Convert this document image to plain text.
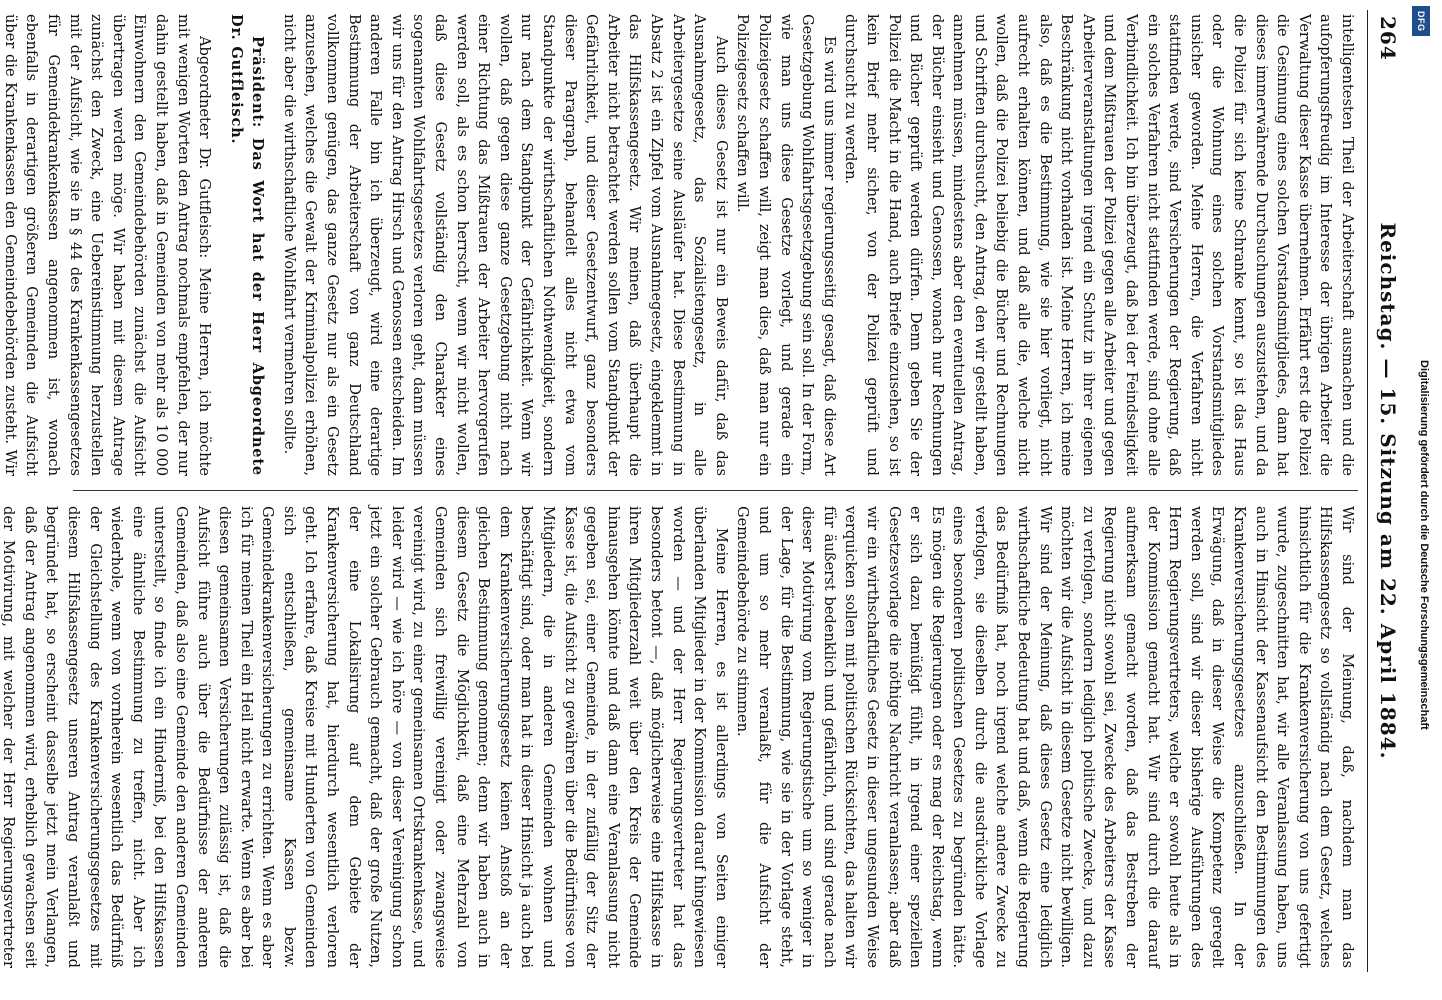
264
Reichstag. — 15. Sitzung am 22. April 1884.

intelligentesten Theil der Arbeiterschaft ausmachen und die aufopferungsfreudig im Interesse der übrigen Arbeiter die Verwaltung dieser Kasse übernehmen. Erfährt erst die Polizei die Gesinnung eines solchen Vorstandsmitgliedes, dann hat dieses immerwährende Durchsuchungen auszustehen, und da die Polizei für sich keine Schranke kennt, so ist das Haus oder die Wohnung eines solchen Vorstandsmitgliedes unsicher geworden. Meine Herren, die Verfahren nicht stattfinden werde, sind Versicherungen der Regierung, daß ein solches Verfahren nicht stattfinden werde, sind ohne alle Verbindlichkeit. Ich bin überzeugt, daß bei der Feindseligkeit und dem Mißtrauen der Polizei gegen alle Arbeiter und gegen Arbeiterveranstaltungen irgend ein Schutz in ihrer eigenen Beschränkung nicht vorhanden ist. Meine Herren, ich meine also, daß es die Bestimmung, wie sie hier vorliegt, nicht aufrecht erhalten können, und daß alle die, welche nicht wollen, daß die Polizei beliebig die Bücher und Rechnungen und Schriften durchsucht, den Antrag, den wir gestellt haben, annehmen müssen, mindestens aber den eventuellen Antrag, der Bücher einsieht und Genossen, wonach nur Rechnungen und Bücher geprüft werden dürfen. Denn geben Sie der Polizei die Macht in die Hand, auch Briefe einzusehen, so ist kein Brief mehr sicher, von der Polizei geprüft und durchsucht zu werden.

Es wird uns immer regierungsseitig gesagt, daß diese Art Gesetzgebung Wohlfahrtsgesetzgebung sein soll. In der Form, wie man uns diese Gesetze vorlegt, und gerade ein Polizeigesetz schaffen will, zeigt man dies, daß man nur ein Polizeigesetz schaffen will.

Auch dieses Gesetz ist nur ein Beweis dafür, daß das Ausnahmegesetz, das Sozialistengesetz, in alle Arbeitergesetze seine Ausläufer hat. Diese Bestimmung in Absatz 2 ist ein Zipfel vom Ausnahmegesetz, eingeklemmt in das Hilfskassengesetz. Wir meinen, daß überhaupt die Arbeiter nicht betrachtet werden sollen vom Standpunkt der Gefährlichkeit, und dieser Gesetzentwurf, ganz besonders dieser Paragraph, behandelt alles nicht etwa vom Standpunkte der wirthschaftlichen Nothwendigkeit, sondern nur nach dem Standpunkt der Gefährlichkeit. Wenn wir wollen, daß gegen diese ganze Gesetzgebung nicht nach einer Richtung das Mißtrauen der Arbeiter hervorgerufen werden soll, als es schon herrscht, wenn wir nicht wollen, daß diese Gesetz vollständig den Charakter eines sogenannten Wohlfahrtsgesetzes verloren geht, dann müssen wir uns für den Antrag Hirsch und Genossen entscheiden. Im anderen Falle bin ich überzeugt, wird eine derartige Bestimmung der Arbeiterschaft von ganz Deutschland vollkommen genügen, das ganze Gesetz nur als ein Gesetz anzusehen, welches die Gewalt der Kriminalpolizei erhöhen, nicht aber die wirthschaftliche Wohlfahrt vermehren sollte.

Präsident: Das Wort hat der Herr Abgeordnete Dr. Gutfleisch.

Abgeordneter Dr. Gutfleisch: Meine Herren, ich möchte mit wenigen Worten den Antrag nochmals empfehlen, der nur dahin gestellt haben, daß in Gemeinden von mehr als 10 000 Einwohnern den Gemeindebehörden zunächst die Aufsicht übertragen werden möge. Wir haben mit diesem Antrage zunächst den Zweck, eine Uebereinstimmung herzustellen mit der Aufsicht, wie sie in § 44 des Krankenkassengesetzes für Gemeindekrankenkassen angenommen ist, wonach ebenfalls in derartigen größeren Gemeinden die Aufsicht über die Krankenkassen den Gemeindebehörden zusteht. Wir

Wir sind der Meinung, daß, nachdem man das Hilfskassengesetz so vollständig nach dem Gesetz, welches hinsichtlich für die Krankenversicherung von uns gefertigt wurde, zugeschnitten hat, wir alle Veranlassung haben, uns auch in Hinsicht der Kassenaufsicht den Bestimmungen des Krankenversicherungsgesetzes anzuschließen. In der Erwägung, daß in dieser Weise die Kompetenz geregelt werden soll, sind wir dieser bisherige Ausführungen des Herrn Regierungsvertreters, welche er sowohl heute als in der Kommission gemacht hat. Wir sind durch die darauf aufmerksam gemacht worden, daß das Bestreben der Regierung nicht sowohl sei, Zwecke des Arbeiters der Kasse zu verfolgen, sondern lediglich politische Zwecke, und dazu möchten wir die Aufsicht in diesem Gesetze nicht bewilligen. Wir sind der Meinung, daß dieses Gesetz eine lediglich wirthschaftliche Bedeutung hat und daß, wenn die Regierung das Bedürfniß hat, noch irgend welche andere Zwecke zu verfolgen, sie dieselben durch die ausdrückliche Vorlage eines besonderen politischen Gesetzes zu begründen hätte. Es mögen die Regierungen oder es mag der Reichstag, wenn er sich dazu bemüßigt fühlt, in irgend einer speziellen Gesetzesvorlage die nöthige Nachricht veranlassen; aber daß wir ein wirthschaftliches Gesetz in dieser ungesunden Weise verquicken sollen mit politischen Rücksichten, das halten wir für äußerst bedenklich und gefährlich, und sind gerade nach dieser Motivirung vom Regierungstische um so weniger in der Lage, für die Bestimmung, wie sie in der Vorlage steht, und um so mehr veranlaßt, für die Aufsicht der Gemeindebehörde zu stimmen.

Meine Herren, es ist allerdings von Seiten einiger überlanden Mitglieder in der Kommission darauf hingewiesen worden — und der Herr Regierungsvertreter hat das besonders betont —, daß möglicherweise eine Hilfskasse in ihren Mitgliederzahl weit über den Kreis der Gemeinde hinausgehen könnte und daß dann eine Veranlassung nicht gegeben sei, einer Gemeinde, in der zufällig der Sitz der Kasse ist, die Aufsicht zu gewähren über die Bedürfnisse von Mitgliedern, die in anderen Gemeinden wohnen und beschäftigt sind, oder man hat in dieser Hinsicht ja auch bei dem Krankenversicherungsgesetz keinen Anstoß an der gleichen Bestimmung genommen; denn wir haben auch in diesem Gesetz die Möglichkeit, daß eine Mehrzahl von Gemeinden sich freiwillig vereinigt oder zwangsweise vereinigt wird, zu einer gemeinsamen Ortskrankenkasse, und leider wird — wie ich höre — von dieser Vereinigung schon jetzt ein solcher Gebrauch gemacht, daß der große Nutzen, der eine Lokalisirung auf dem Gebiete der Krankenversicherung hat, hierdurch wesentlich verloren geht. Ich erfahre, daß Kreise mit Hunderten von Gemeinden sich entschließen, gemeinsame Kassen bezw. Gemeindekrankenversicherungen zu errichten. Wenn es aber ich für meinen Theil ein Heil nicht erwarte. Wenn es aber bei diesen gemeinsamen Versicherungen zulässig ist, daß die Aufsicht führe auch über die Bedürfnisse der anderen Gemeinden, daß also eine Gemeinde den anderen Gemeinden unterstellt, so finde ich ein Hinderniß, bei den Hilfskassen eine ähnliche Bestimmung zu treffen, nicht. Aber ich wiederhole, wenn von vornherein wesentlich das Bedürfniß der Gleichstellung des Krankenversicherungsgesetzes mit diesem Hilfskassengesetz unseren Antrag veranlaßt und begründet hat, so erscheint dasselbe jetzt mein Verlangen, daß der Antrag angenommen wird, erheblich gewachsen seit der Motivirung, mit welcher der Herr Regierungsvertreter

DFG
Digitalisierung gefördert durch die Deutsche Forschungsgemeinschaft
